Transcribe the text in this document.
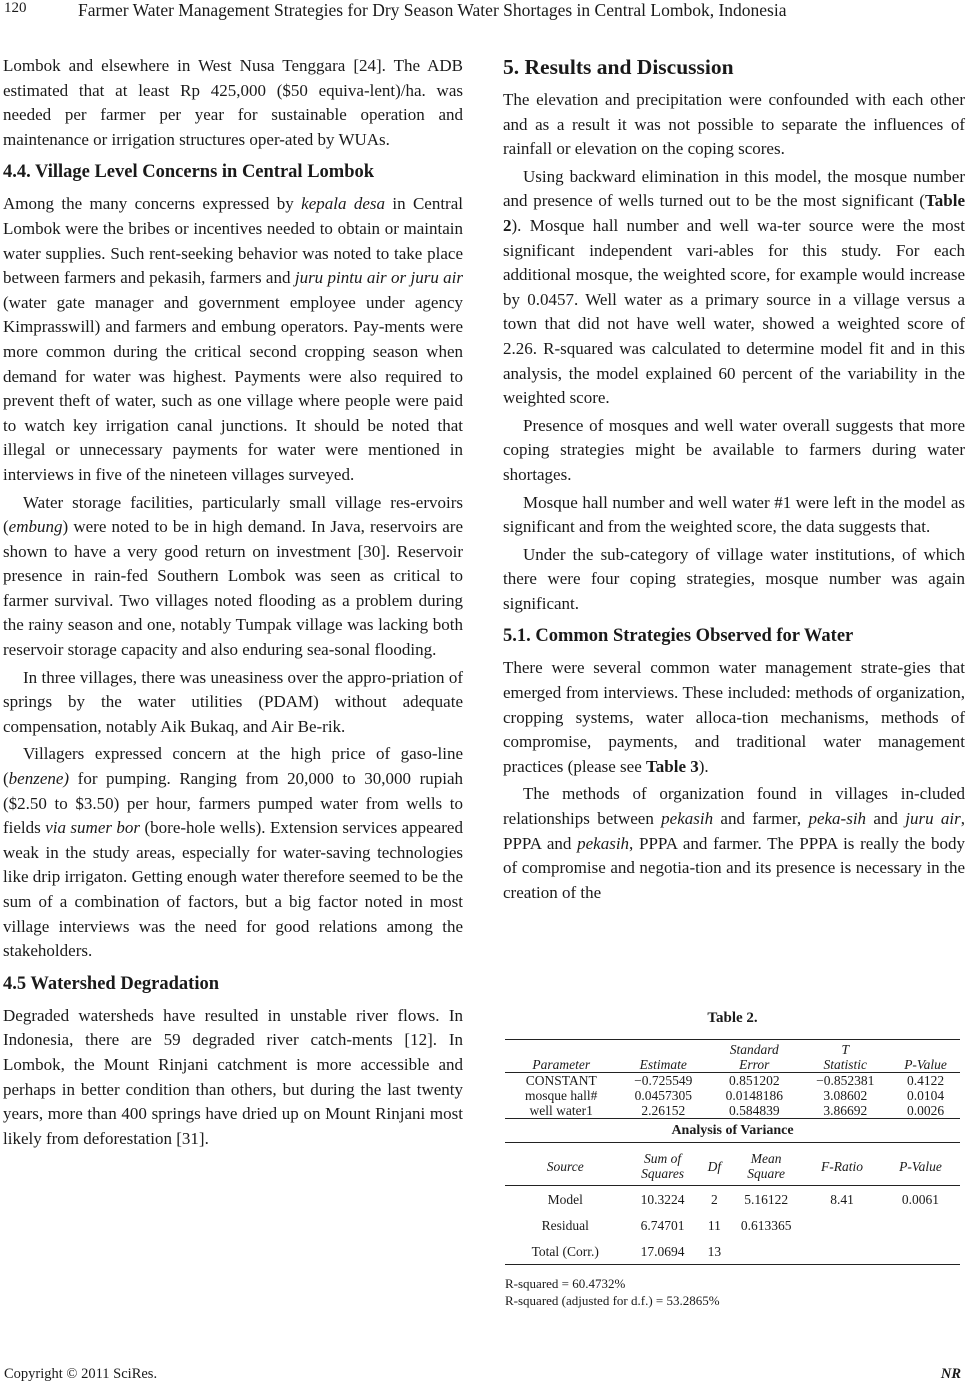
120	Farmer Water Management Strategies for Dry Season Water Shortages in Central Lombok, Indonesia

Lombok and elsewhere in West Nusa Tenggara [24]. The ADB estimated that at least Rp 425,000 ($50 equiva-lent)/ha. was needed per farmer per year for sustainable operation and maintenance or irrigation structures oper-ated by WUAs.

4.4. Village Level Concerns in Central Lombok

Among the many concerns expressed by kepala desa in Central Lombok were the bribes or incentives needed to obtain or maintain water supplies. Such rent-seeking behavior was noted to take place between farmers and pekasih, farmers and juru pintu air or juru air (water gate manager and government employee under agency Kimprasswill) and farmers and embung operators. Pay-ments were more common during the critical second cropping season when demand for water was highest. Payments were also required to prevent theft of water, such as one village where people were paid to watch key irrigation canal junctions. It should be noted that illegal or unnecessary payments for water were mentioned in interviews in five of the nineteen villages surveyed.

Water storage facilities, particularly small village res-ervoirs (embung) were noted to be in high demand. In Java, reservoirs are shown to have a very good return on investment [30]. Reservoir presence in rain-fed Southern Lombok was seen as critical to farmer survival. Two villages noted flooding as a problem during the rainy season and one, notably Tumpak village was lacking both reservoir storage capacity and also enduring sea-sonal flooding.

In three villages, there was uneasiness over the appro-priation of springs by the water utilities (PDAM) without adequate compensation, notably Aik Bukaq, and Air Be-rik.

Villagers expressed concern at the high price of gaso-line (benzene) for pumping. Ranging from 20,000 to 30,000 rupiah ($2.50 to $3.50) per hour, farmers pumped water from wells to fields via sumer bor (bore-hole wells). Extension services appeared weak in the study areas, especially for water-saving technologies like drip irrigaton. Getting enough water therefore seemed to be the sum of a combination of factors, but a big factor noted in most village interviews was the need for good relations among the stakeholders.

4.5 Watershed Degradation

Degraded watersheds have resulted in unstable river flows. In Indonesia, there are 59 degraded river catch-ments [12]. In Lombok, the Mount Rinjani catchment is more accessible and perhaps in better condition than others, but during the last twenty years, more than 400 springs have dried up on Mount Rinjani most likely from deforestation [31].

5. Results and Discussion

The elevation and precipitation were confounded with each other and as a result it was not possible to separate the influences of rainfall or elevation on the coping scores.

Using backward elimination in this model, the mosque number and presence of wells turned out to be the most significant (Table 2). Mosque hall number and well wa-ter source were the most significant independent vari-ables for this study. For each additional mosque, the weighted score, for example would increase by 0.0457. Well water as a primary source in a village versus a town that did not have well water, showed a weighted score of 2.26. R-squared was calculated to determine model fit and in this analysis, the model explained 60 percent of the variability in the weighted score.

Presence of mosques and well water overall suggests that more coping strategies might be available to farmers during water shortages.

Mosque hall number and well water #1 were left in the model as significant and from the weighted score, the data suggests that.

Under the sub-category of village water institutions, of which there were four coping strategies, mosque number was again significant.

5.1. Common Strategies Observed for Water

There were several common water management strate-gies that emerged from interviews. These included: methods of organization, cropping systems, water alloca-tion mechanisms, methods of compromise, payments, and traditional water management practices (please see Table 3).

The methods of organization found in villages in-cluded relationships between pekasih and farmer, peka-sih and juru air, PPPA and pekasih, PPPA and farmer. The PPPA is really the body of compromise and negotia-tion and its presence is necessary in the creation of the

Table 2.
		Standard	T	
Parameter	Estimate	Error	Statistic	P-Value
CONSTANT	−0.725549	0.851202	−0.852381	0.4122
mosque hall#	0.0457305	0.0148186	3.08602	0.0104
well water1	2.26152	0.584839	3.86692	0.0026
Analysis of Variance
Source	Sum of Squares	Df	Mean Square	F-Ratio	P-Value
Model	10.3224	2	5.16122	8.41	0.0061
Residual	6.74701	11	0.613365		
Total (Corr.)	17.0694	13			
R-squared = 60.4732%
R-squared (adjusted for d.f.) = 53.2865%
Copyright © 2011 SciRes.	NR
